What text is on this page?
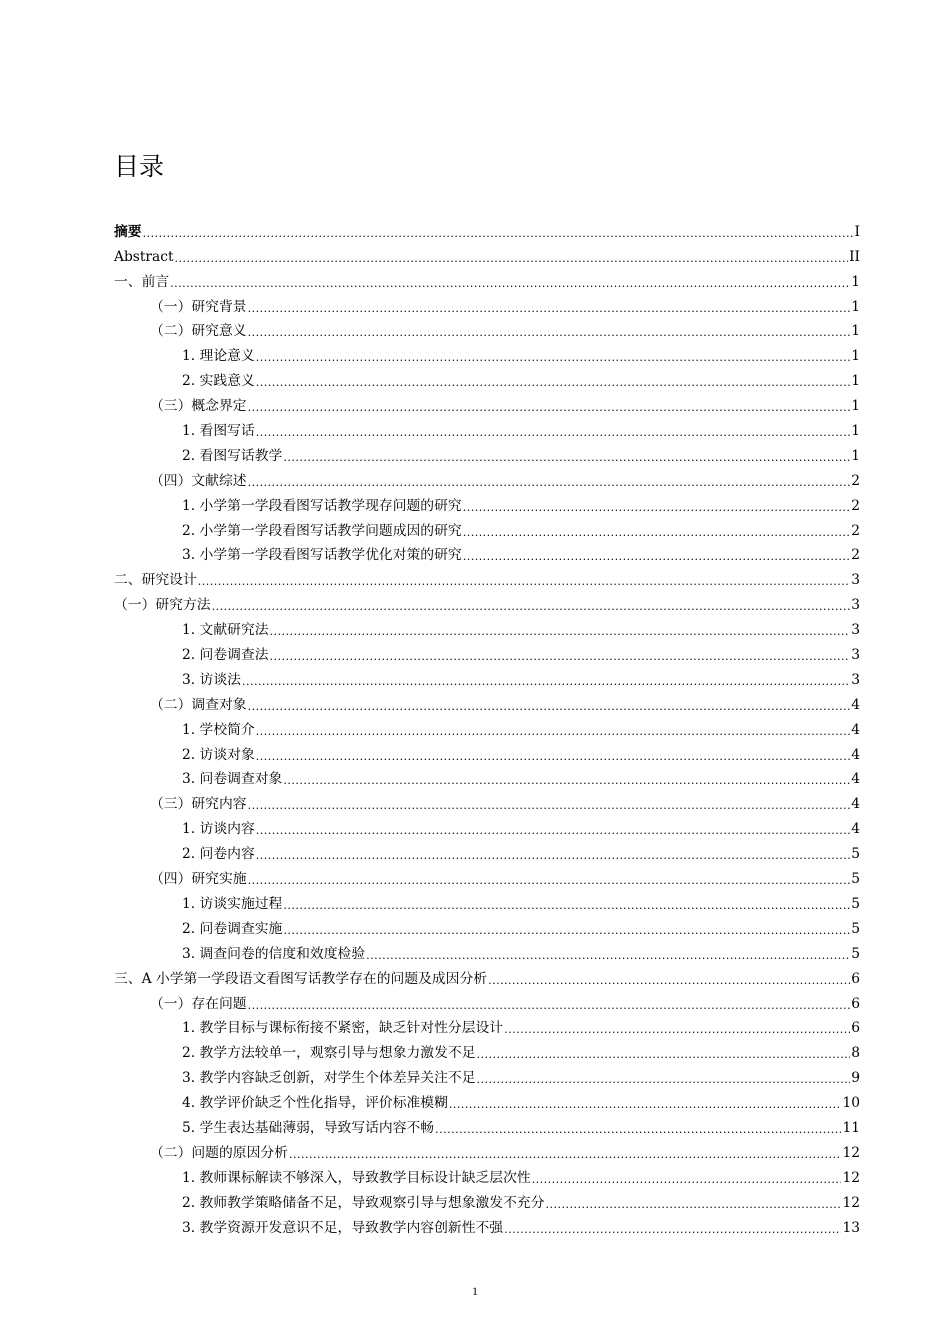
目录
摘要 .....	I
Abstract .....	II
一、前言 .....	1
（一）研究背景 .....	1
（二）研究意义 .....	1
1. 理论意义 .....	1
2. 实践意义 .....	1
（三）概念界定 .....	1
1. 看图写话 .....	1
2. 看图写话教学 .....	1
（四）文献综述 .....	2
1. 小学第一学段看图写话教学现存问题的研究 .....	2
2. 小学第一学段看图写话教学问题成因的研究 .....	2
3. 小学第一学段看图写话教学优化对策的研究 .....	2
二、研究设计 .....	3
（一）研究方法 .....	3
1. 文献研究法 .....	3
2. 问卷调查法 .....	3
3. 访谈法 .....	3
（二）调查对象 .....	4
1. 学校简介 .....	4
2. 访谈对象 .....	4
3. 问卷调查对象 .....	4
（三）研究内容 .....	4
1. 访谈内容 .....	4
2. 问卷内容 .....	5
（四）研究实施 .....	5
1. 访谈实施过程 .....	5
2. 问卷调查实施 .....	5
3. 调查问卷的信度和效度检验 .....	5
三、A 小学第一学段语文看图写话教学存在的问题及成因分析 .....	6
（一）存在问题 .....	6
1. 教学目标与课标衔接不紧密，缺乏针对性分层设计 .....	6
2. 教学方法较单一，观察引导与想象力激发不足 .....	8
3. 教学内容缺乏创新，对学生个体差异关注不足 .....	9
4. 教学评价缺乏个性化指导，评价标准模糊 .....	10
5. 学生表达基础薄弱，导致写话内容不畅 .....	11
（二）问题的原因分析 .....	12
1. 教师课标解读不够深入，导致教学目标设计缺乏层次性 .....	12
2. 教师教学策略储备不足，导致观察引导与想象激发不充分 .....	12
3. 教学资源开发意识不足，导致教学内容创新性不强 .....	13
1
